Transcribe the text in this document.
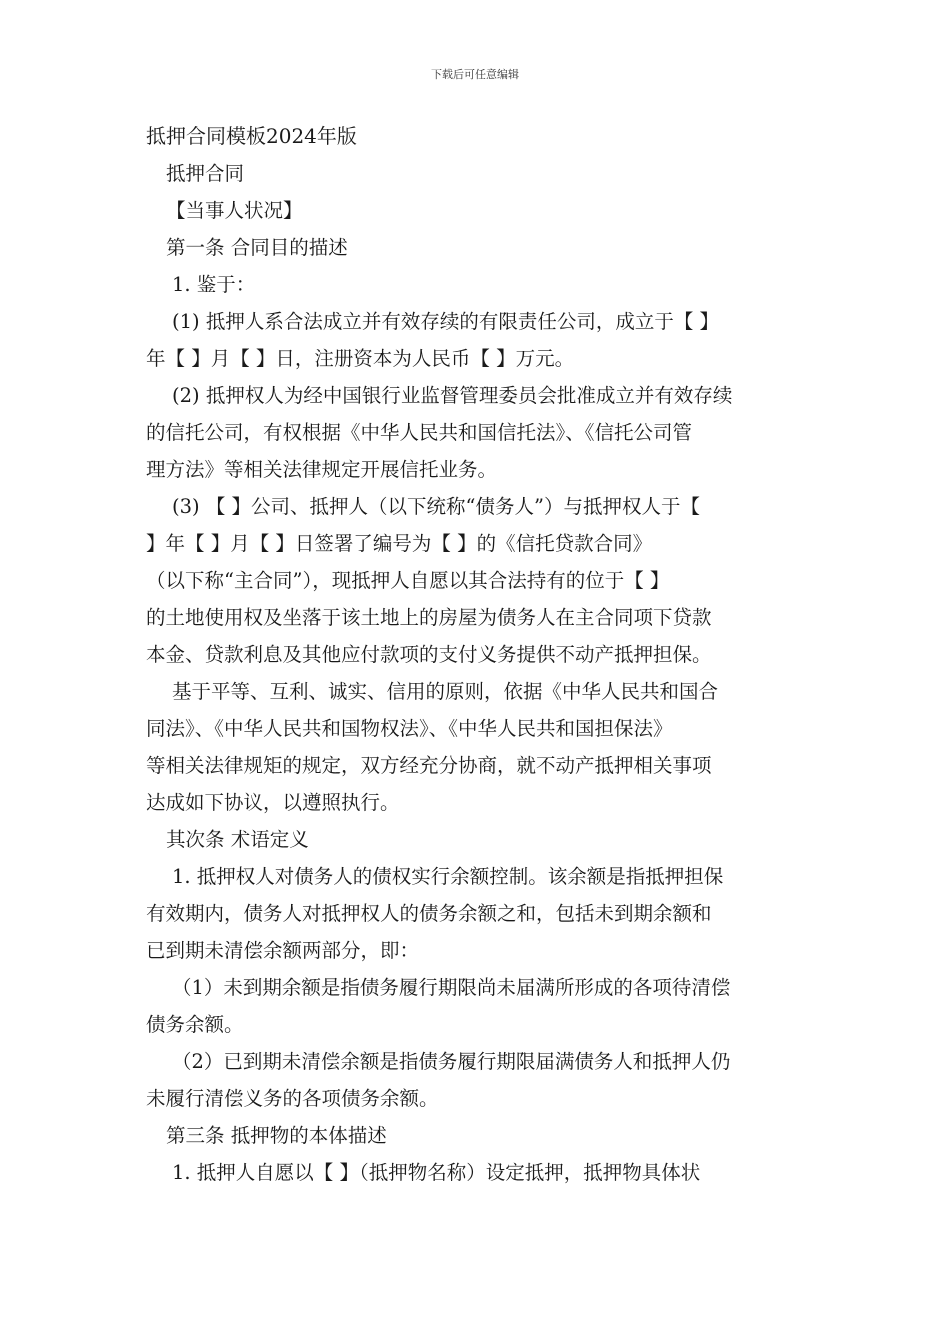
下载后可任意编辑
抵押合同模板2024年版
抵押合同
【当事人状况】
第一条 合同目的描述
1. 鉴于：
(1) 抵押人系合法成立并有效存续的有限责任公司，成立于【 】
年【 】月【 】日，注册资本为人民币【 】万元。
(2) 抵押权人为经中国银行业监督管理委员会批准成立并有效存续
的信托公司，有权根据《中华人民共和国信托法》、《信托公司管
理方法》等相关法律规定开展信托业务。
(3) 【 】公司、抵押人（以下统称“债务人”）与抵押权人于【
】年【 】月【 】日签署了编号为【 】的《信托贷款合同》
（以下称“主合同”），现抵押人自愿以其合法持有的位于【 】
的土地使用权及坐落于该土地上的房屋为债务人在主合同项下贷款
本金、贷款利息及其他应付款项的支付义务提供不动产抵押担保。
基于平等、互利、诚实、信用的原则，依据《中华人民共和国合
同法》、《中华人民共和国物权法》、《中华人民共和国担保法》
等相关法律规矩的规定，双方经充分协商，就不动产抵押相关事项
达成如下协议，以遵照执行。
其次条 术语定义
1. 抵押权人对债务人的债权实行余额控制。该余额是指抵押担保
有效期内，债务人对抵押权人的债务余额之和，包括未到期余额和
已到期未清偿余额两部分，即：
（1）未到期余额是指债务履行期限尚未届满所形成的各项待清偿
债务余额。
（2）已到期未清偿余额是指债务履行期限届满债务人和抵押人仍
未履行清偿义务的各项债务余额。
第三条 抵押物的本体描述
1. 抵押人自愿以【 】（抵押物名称）设定抵押，抵押物具体状
